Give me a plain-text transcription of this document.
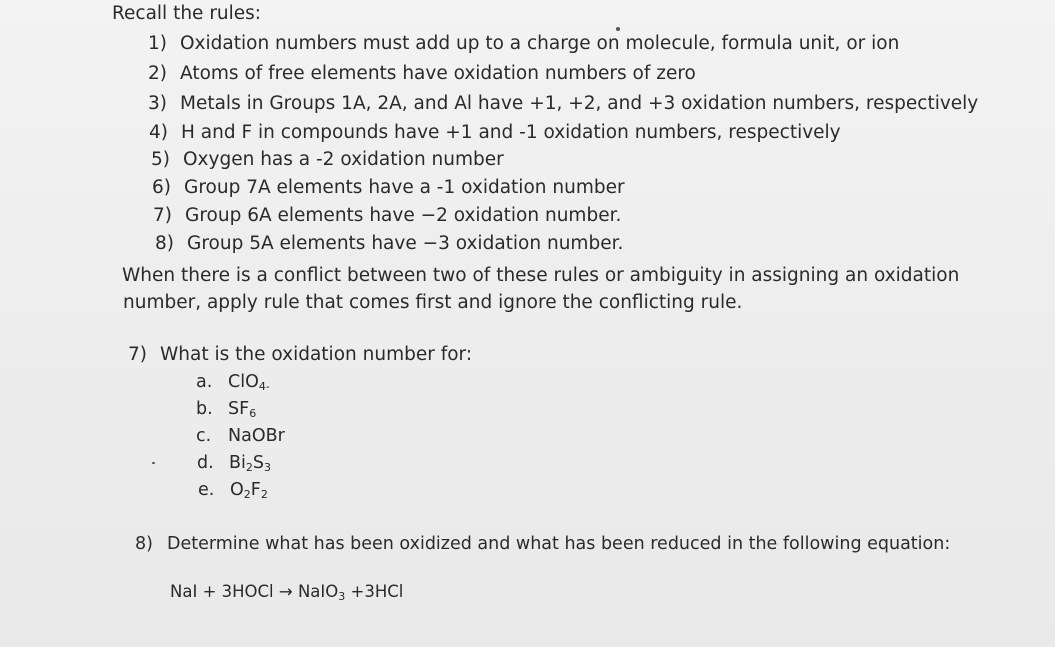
Recall the rules:
1) Oxidation numbers must add up to a charge on molecule, formula unit, or ion
2) Atoms of free elements have oxidation numbers of zero
3) Metals in Groups 1A, 2A, and Al have +1, +2, and +3 oxidation numbers, respectively
4) H and F in compounds have +1 and -1 oxidation numbers, respectively
5) Oxygen has a -2 oxidation number
6) Group 7A elements have a -1 oxidation number
7) Group 6A elements have −2 oxidation number.
8) Group 5A elements have −3 oxidation number.
When there is a conflict between two of these rules or ambiguity in assigning an oxidation
number, apply rule that comes first and ignore the conflicting rule.
7) What is the oxidation number for:
a. ClO$_{4-}$
b. $SF_6$
c. NaOBr
d. $Bi_2S_3$
e. $O_2F_2$
8) Determine what has been oxidized and what has been reduced in the following equation:
NaI + 3HOCl → NaIO$_3$ +3HCl
